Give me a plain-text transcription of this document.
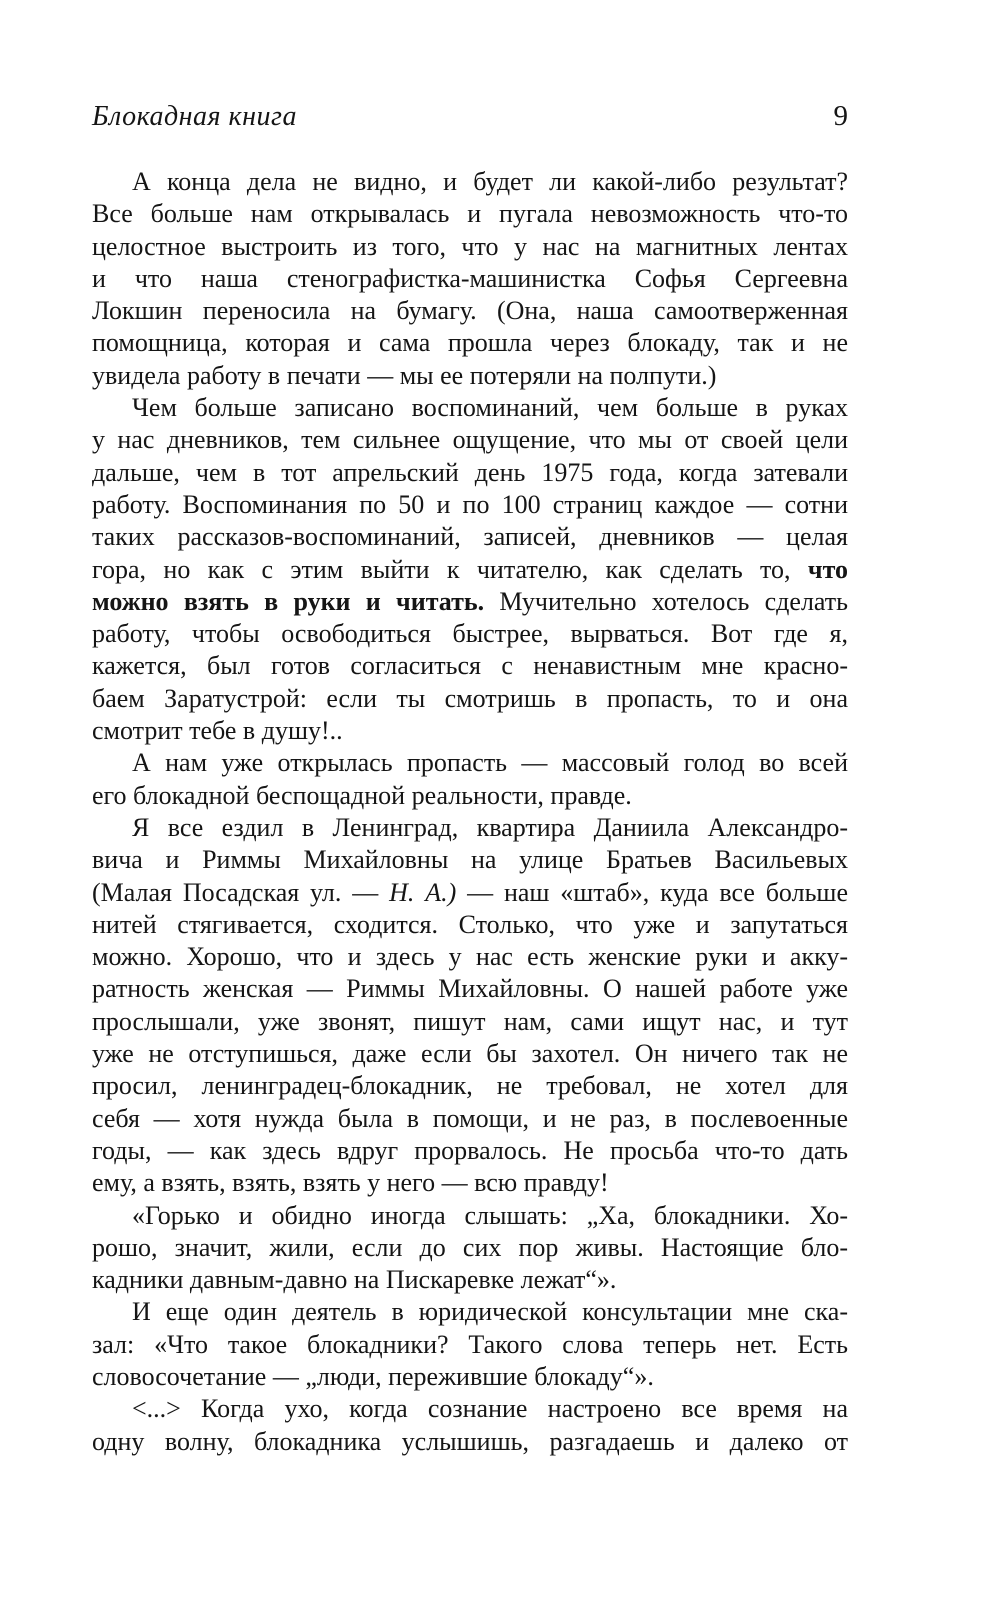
Блокадная книга	9
А конца дела не видно, и будет ли какой-либо результат?
Все больше нам открывалась и пугала невозможность что-то
целостное выстроить из того, что у нас на магнитных лентах
и что наша стенографистка-машинистка Софья Сергеевна
Локшин переносила на бумагу. (Она, наша самоотверженная
помощница, которая и сама прошла через блокаду, так и не
увидела работу в печати — мы ее потеряли на полпути.)
Чем больше записано воспоминаний, чем больше в руках
у нас дневников, тем сильнее ощущение, что мы от своей цели
дальше, чем в тот апрельский день 1975 года, когда затевали
работу. Воспоминания по 50 и по 100 страниц каждое — сотни
таких рассказов-воспоминаний, записей, дневников — целая
гора, но как с этим выйти к читателю, как сделать то, что
можно взять в руки и читать. Мучительно хотелось сделать
работу, чтобы освободиться быстрее, вырваться. Вот где я,
кажется, был готов согласиться с ненавистным мне красно-
баем Заратустрой: если ты смотришь в пропасть, то и она
смотрит тебе в душу!..
А нам уже открылась пропасть — массовый голод во всей
его блокадной беспощадной реальности, правде.
Я все ездил в Ленинград, квартира Даниила Александро-
вича и Риммы Михайловны на улице Братьев Васильевых
(Малая Посадская ул. — Н. А.) — наш «штаб», куда все больше
нитей стягивается, сходится. Столько, что уже и запутаться
можно. Хорошо, что и здесь у нас есть женские руки и акку-
ратность женская — Риммы Михайловны. О нашей работе уже
прослышали, уже звонят, пишут нам, сами ищут нас, и тут
уже не отступишься, даже если бы захотел. Он ничего так не
просил, ленинградец-блокадник, не требовал, не хотел для
себя — хотя нужда была в помощи, и не раз, в послевоенные
годы, — как здесь вдруг прорвалось. Не просьба что-то дать
ему, а взять, взять, взять у него — всю правду!
«Горько и обидно иногда слышать: „Ха, блокадники. Хо-
рошо, значит, жили, если до сих пор живы. Настоящие бло-
кадники давным-давно на Пискаревке лежат“».
И еще один деятель в юридической консультации мне ска-
зал: «Что такое блокадники? Такого слова теперь нет. Есть
словосочетание — „люди, пережившие блокаду“».
<...> Когда ухо, когда сознание настроено все время на
одну волну, блокадника услышишь, разгадаешь и далеко от
